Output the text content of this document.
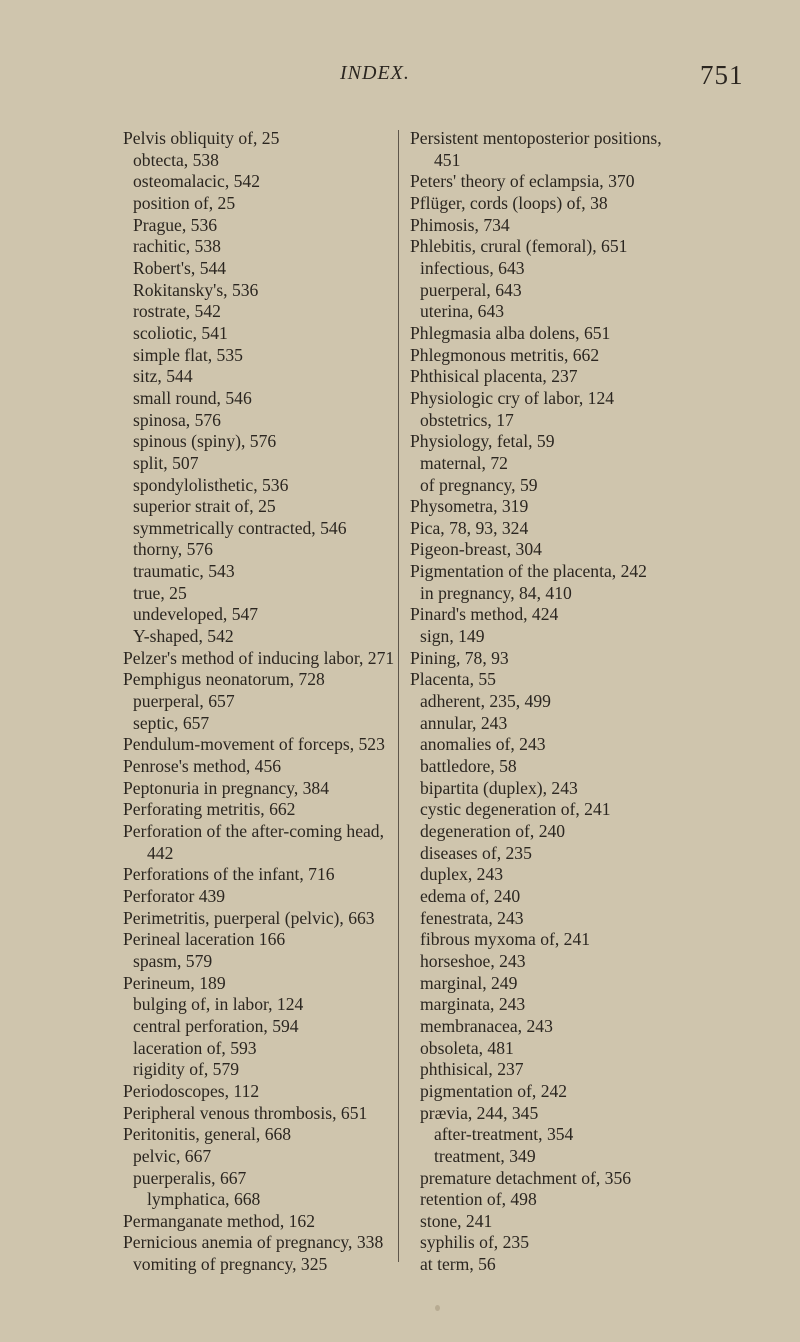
INDEX.	751
Pelvis obliquity of, 25
obtecta, 538
osteomalacic, 542
position of, 25
Prague, 536
rachitic, 538
Robert's, 544
Rokitansky's, 536
rostrate, 542
scoliotic, 541
simple flat, 535
sitz, 544
small round, 546
spinosa, 576
spinous (spiny), 576
split, 507
spondylolisthetic, 536
superior strait of, 25
symmetrically contracted, 546
thorny, 576
traumatic, 543
true, 25
undeveloped, 547
Y-shaped, 542
Pelzer's method of inducing labor, 271
Pemphigus neonatorum, 728
puerperal, 657
septic, 657
Pendulum-movement of forceps, 523
Penrose's method, 456
Peptonuria in pregnancy, 384
Perforating metritis, 662
Perforation of the after-coming head,
442
Perforations of the infant, 716
Perforator 439
Perimetritis, puerperal (pelvic), 663
Perineal laceration 166
spasm, 579
Perineum, 189
bulging of, in labor, 124
central perforation, 594
laceration of, 593
rigidity of, 579
Periodoscopes, 112
Peripheral venous thrombosis, 651
Peritonitis, general, 668
pelvic, 667
puerperalis, 667
lymphatica, 668
Permanganate method, 162
Pernicious anemia of pregnancy, 338
vomiting of pregnancy, 325
Persistent mentoposterior positions,
451
Peters' theory of eclampsia, 370
Pflüger, cords (loops) of, 38
Phimosis, 734
Phlebitis, crural (femoral), 651
infectious, 643
puerperal, 643
uterina, 643
Phlegmasia alba dolens, 651
Phlegmonous metritis, 662
Phthisical placenta, 237
Physiologic cry of labor, 124
obstetrics, 17
Physiology, fetal, 59
maternal, 72
of pregnancy, 59
Physometra, 319
Pica, 78, 93, 324
Pigeon-breast, 304
Pigmentation of the placenta, 242
in pregnancy, 84, 410
Pinard's method, 424
sign, 149
Pining, 78, 93
Placenta, 55
adherent, 235, 499
annular, 243
anomalies of, 243
battledore, 58
bipartita (duplex), 243
cystic degeneration of, 241
degeneration of, 240
diseases of, 235
duplex, 243
edema of, 240
fenestrata, 243
fibrous myxoma of, 241
horseshoe, 243
marginal, 249
marginata, 243
membranacea, 243
obsoleta, 481
phthisical, 237
pigmentation of, 242
prævia, 244, 345
after-treatment, 354
treatment, 349
premature detachment of, 356
retention of, 498
stone, 241
syphilis of, 235
at term, 56
